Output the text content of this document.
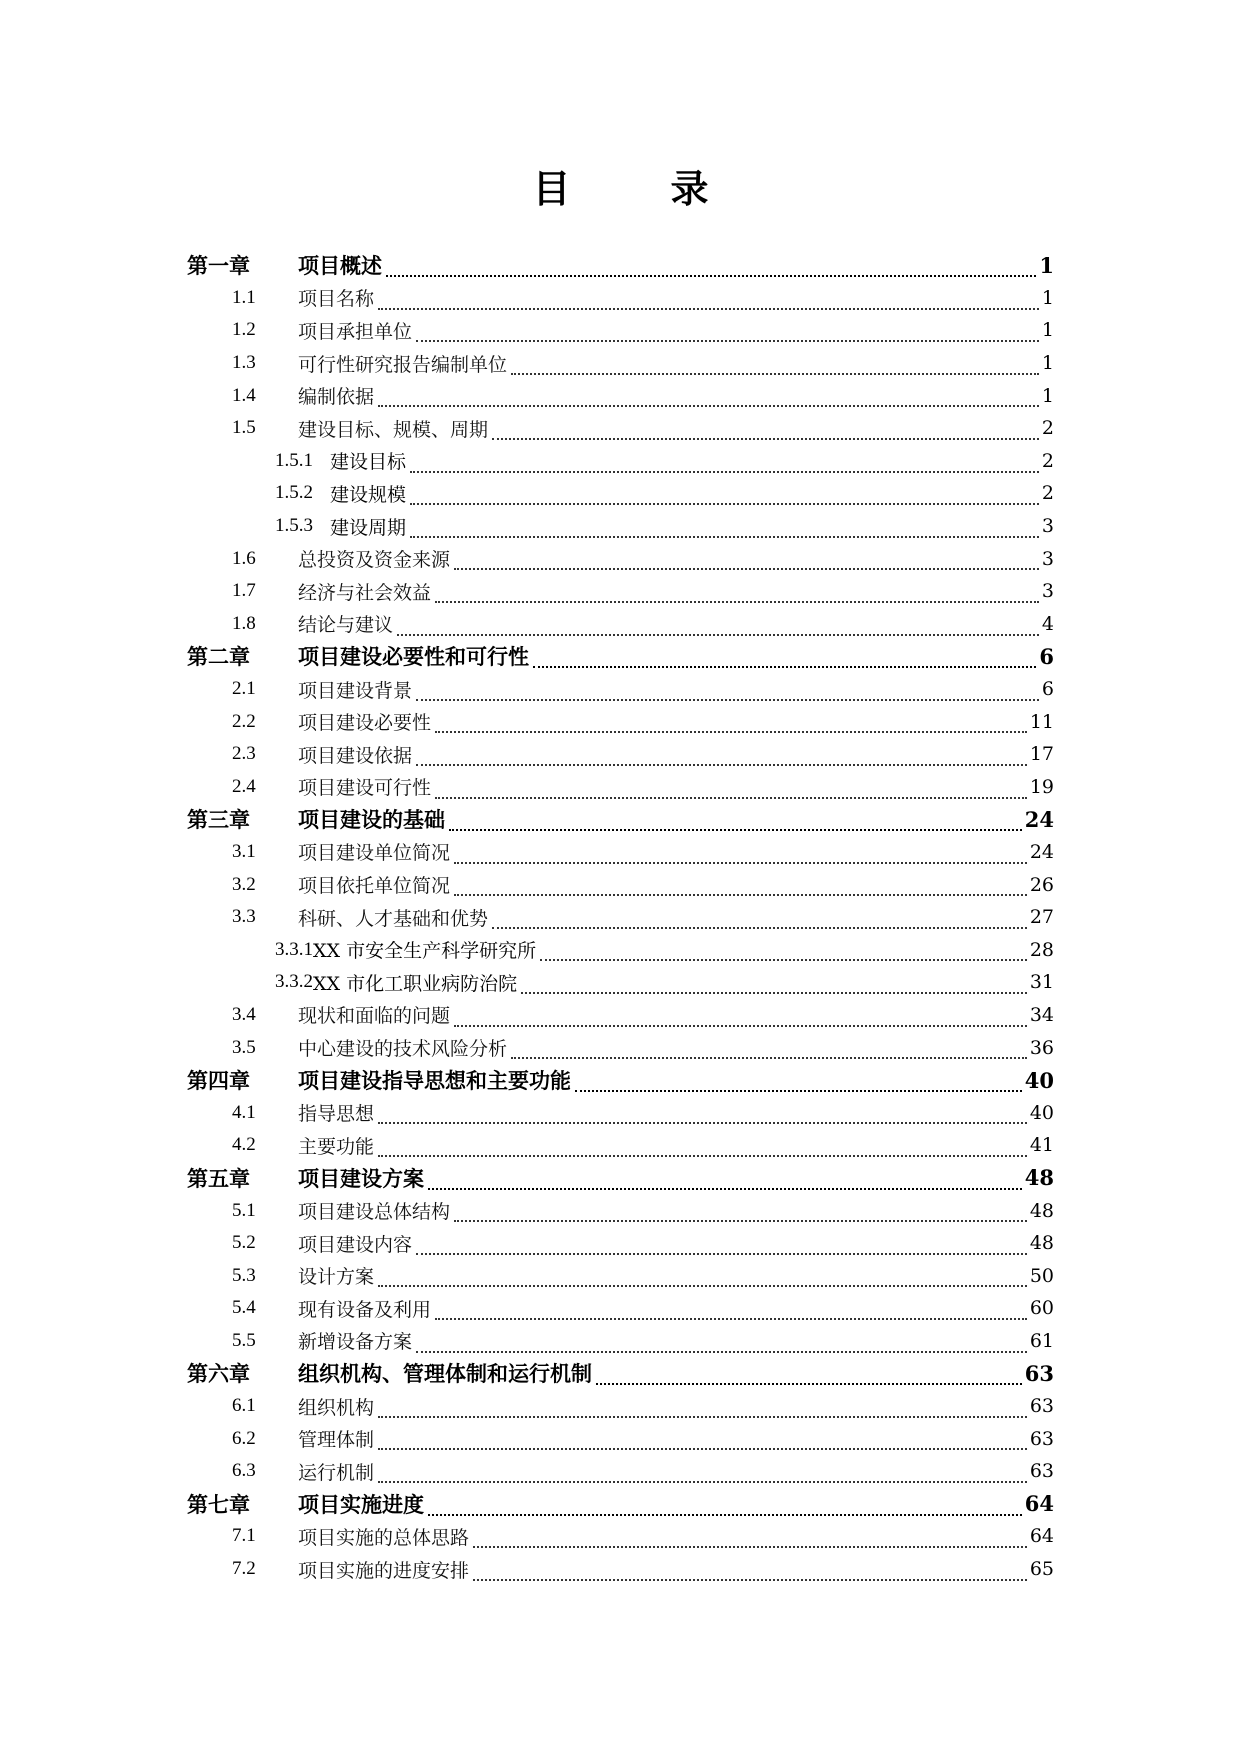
目	录
第一章 项目概述	1
1.1 项目名称	1
1.2 项目承担单位	1
1.3 可行性研究报告编制单位	1
1.4 编制依据	1
1.5 建设目标、规模、周期	2
1.5.1 建设目标	2
1.5.2 建设规模	2
1.5.3 建设周期	3
1.6 总投资及资金来源	3
1.7 经济与社会效益	3
1.8 结论与建议	4
第二章 项目建设必要性和可行性	6
2.1 项目建设背景	6
2.2 项目建设必要性	11
2.3 项目建设依据	17
2.4 项目建设可行性	19
第三章 项目建设的基础	24
3.1 项目建设单位简况	24
3.2 项目依托单位简况	26
3.3 科研、人才基础和优势	27
3.3.1 XX 市安全生产科学研究所	28
3.3.2 XX 市化工职业病防治院	31
3.4 现状和面临的问题	34
3.5 中心建设的技术风险分析	36
第四章 项目建设指导思想和主要功能	40
4.1 指导思想	40
4.2 主要功能	41
第五章 项目建设方案	48
5.1 项目建设总体结构	48
5.2 项目建设内容	48
5.3 设计方案	50
5.4 现有设备及利用	60
5.5 新增设备方案	61
第六章 组织机构、管理体制和运行机制	63
6.1 组织机构	63
6.2 管理体制	63
6.3 运行机制	63
第七章 项目实施进度	64
7.1 项目实施的总体思路	64
7.2 项目实施的进度安排	65
